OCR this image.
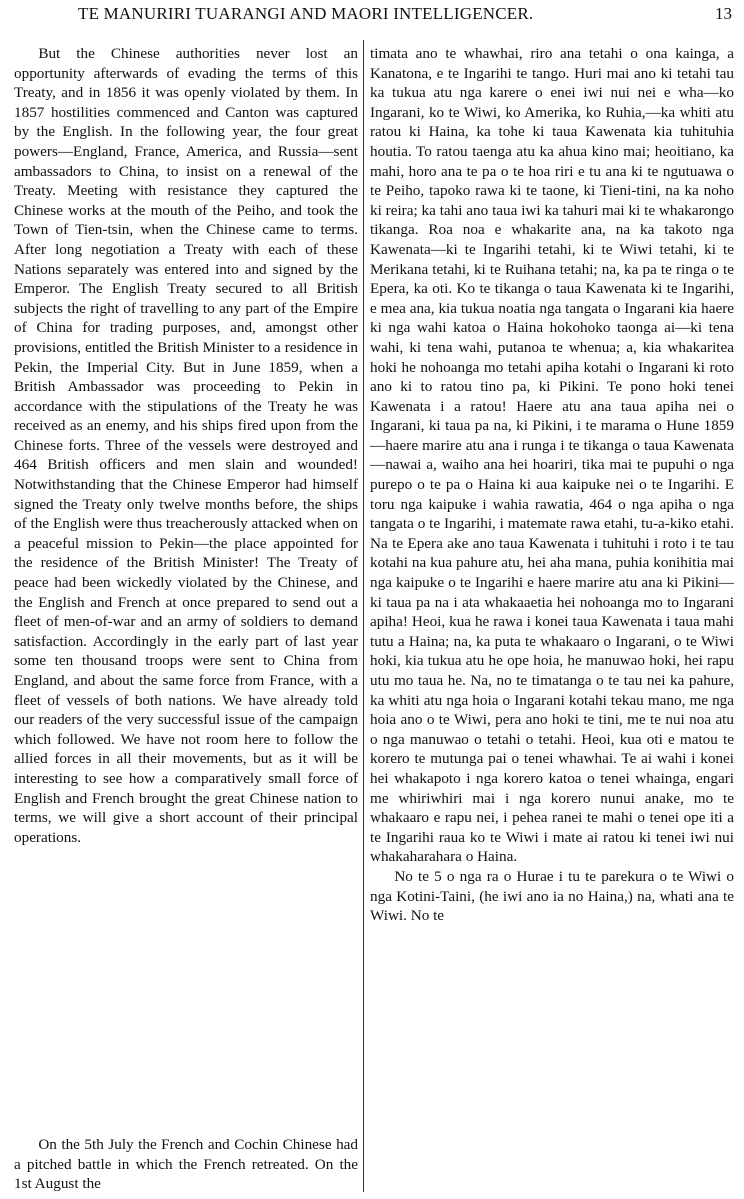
TE MANURIRI TUARANGI AND MAORI INTELLIGENCER.	13

But the Chinese authorities never lost an opportunity afterwards of evading the terms of this Treaty, and in 1856 it was openly violated by them. In 1857 hostilities commenced and Canton was captured by the English. In the following year, the four great powers—England, France, America, and Russia—sent ambassadors to China, to insist on a renewal of the Treaty. Meeting with resistance they captured the Chinese works at the mouth of the Peiho, and took the Town of Tien-tsin, when the Chinese came to terms. After long negotiation a Treaty with each of these Nations separately was entered into and signed by the Emperor. The English Treaty secured to all British subjects the right of travelling to any part of the Empire of China for trading purposes, and, amongst other provisions, entitled the British Minister to a residence in Pekin, the Imperial City. But in June 1859, when a British Ambassador was proceeding to Pekin in accordance with the stipulations of the Treaty he was received as an enemy, and his ships fired upon from the Chinese forts. Three of the vessels were destroyed and 464 British officers and men slain and wounded! Notwithstanding that the Chinese Emperor had himself signed the Treaty only twelve months before, the ships of the English were thus treacherously attacked when on a peaceful mission to Pekin—the place appointed for the residence of the British Minister! The Treaty of peace had been wickedly violated by the Chinese, and the English and French at once prepared to send out a fleet of men-of-war and an army of soldiers to demand satisfaction. Accordingly in the early part of last year some ten thousand troops were sent to China from England, and about the same force from France, with a fleet of vessels of both nations. We have already told our readers of the very successful issue of the campaign which followed. We have not room here to follow the allied forces in all their movements, but as it will be interesting to see how a comparatively small force of English and French brought the great Chinese nation to terms, we will give a short account of their principal operations.

On the 5th July the French and Cochin Chinese had a pitched battle in which the French retreated. On the 1st August the

timata ano te whawhai, riro ana tetahi o ona kainga, a Kanatona, e te Ingarihi te tango. Huri mai ano ki tetahi tau ka tukua atu nga karere o enei iwi nui nei e wha—ko Ingarani, ko te Wiwi, ko Amerika, ko Ruhia,—ka whiti atu ratou ki Haina, ka tohe ki taua Kawenata kia tuhituhia houtia. To ratou taenga atu ka ahua kino mai; heoitiano, ka mahi, horo ana te pa o te hoa riri e tu ana ki te ngutuawa o te Peiho, tapoko rawa ki te taone, ki Tieni-tini, na ka noho ki reira; ka tahi ano taua iwi ka tahuri mai ki te whakarongo tikanga. Roa noa e whakarite ana, na ka takoto nga Kawenata—ki te Ingarihi tetahi, ki te Wiwi tetahi, ki te Merikana tetahi, ki te Ruihana tetahi; na, ka pa te ringa o te Epera, ka oti. Ko te tikanga o taua Kawenata ki te Ingarihi, e mea ana, kia tukua noatia nga tangata o Ingarani kia haere ki nga wahi katoa o Haina hokohoko taonga ai—ki tena wahi, ki tena wahi, putanoa te whenua; a, kia whakaritea hoki he nohoanga mo tetahi apiha kotahi o Ingarani ki roto ano ki to ratou tino pa, ki Pikini. Te pono hoki tenei Kawenata i a ratou! Haere atu ana taua apiha nei o Ingarani, ki taua pa na, ki Pikini, i te marama o Hune 1859—haere marire atu ana i runga i te tikanga o taua Kawenata—nawai a, waiho ana hei hoariri, tika mai te pupuhi o nga purepo o te pa o Haina ki aua kaipuke nei o te Ingarihi. E toru nga kaipuke i wahia rawatia, 464 o nga apiha o nga tangata o te Ingarihi, i matemate rawa etahi, tu-a-kiko etahi. Na te Epera ake ano taua Kawenata i tuhituhi i roto i te tau kotahi na kua pahure atu, hei aha mana, puhia konihitia mai nga kaipuke o te Ingarihi e haere marire atu ana ki Pikini—ki taua pa na i ata whakaaetia hei nohoanga mo to Ingarani apiha! Heoi, kua he rawa i konei taua Kawenata i taua mahi tutu a Haina; na, ka puta te whakaaro o Ingarani, o te Wiwi hoki, kia tukua atu he ope hoia, he manuwao hoki, hei rapu utu mo taua he. Na, no te timatanga o te tau nei ka pahure, ka whiti atu nga hoia o Ingarani kotahi tekau mano, me nga hoia ano o te Wiwi, pera ano hoki te tini, me te nui noa atu o nga manuwao o tetahi o tetahi. Heoi, kua oti e matou te korero te mutunga pai o tenei whawhai. Te ai wahi i konei hei whakapoto i nga korero katoa o tenei whainga, engari me whiriwhiri mai i nga korero nunui anake, mo te whakaaro e rapu nei, i pehea ranei te mahi o tenei ope iti a te Ingarihi raua ko te Wiwi i mate ai ratou ki tenei iwi nui whakaharahara o Haina.

No te 5 o nga ra o Hurae i tu te parekura o te Wiwi o nga Kotini-Taini, (he iwi ano ia no Haina,) na, whati ana te Wiwi. No te
